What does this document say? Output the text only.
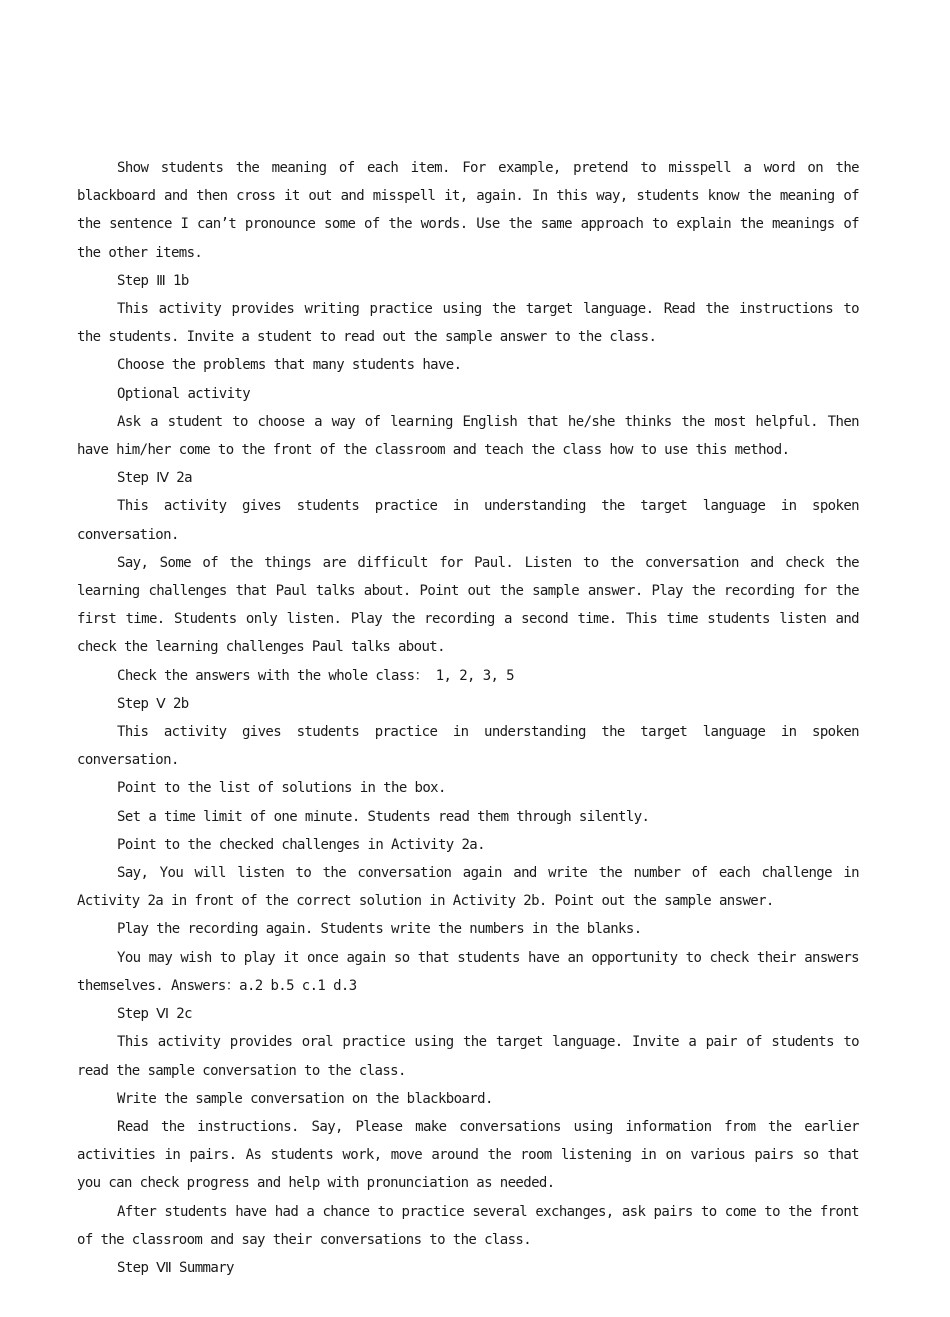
Show students the meaning of each item. For example, pretend to misspell a word on the blackboard and then cross it out and misspell it, again. In this way, students know the meaning of the sentence I can’t pronounce some of the words. Use the same approach to explain the meanings of the other items.

Step Ⅲ 1b

This activity provides writing practice using the target language. Read the instructions to the students. Invite a student to read out the sample answer to the class.

Choose the problems that many students have.

Optional activity

Ask a student to choose a way of learning English that he/she thinks the most helpful. Then have him/her come to the front of the classroom and teach the class how to use this method.

Step Ⅳ 2a

This activity gives students practice in understanding the target language in spoken conversation.

Say, Some of the things are difficult for Paul. Listen to the conversation and check the learning challenges that Paul talks about. Point out the sample answer. Play the recording for the first time. Students only listen. Play the recording a second time. This time students listen and check the learning challenges Paul talks about.

Check the answers with the whole class： 1, 2, 3, 5

Step Ⅴ 2b

This activity gives students practice in understanding the target language in spoken conversation.

Point to the list of solutions in the box.

Set a time limit of one minute. Students read them through silently.

Point to the checked challenges in Activity 2a.

Say, You will listen to the conversation again and write the number of each challenge in Activity 2a in front of the correct solution in Activity 2b. Point out the sample answer.

Play the recording again. Students write the numbers in the blanks.

You may wish to play it once again so that students have an opportunity to check their answers themselves. Answers：a.2 b.5 c.1 d.3

Step Ⅵ 2c

This activity provides oral practice using the target language. Invite a pair of students to read the sample conversation to the class.

Write the sample conversation on the blackboard.

Read the instructions. Say, Please make conversations using information from the earlier activities in pairs. As students work, move around the room listening in on various pairs so that you can check progress and help with pronunciation as needed.

After students have had a chance to practice several exchanges, ask pairs to come to the front of the classroom and say their conversations to the class.

Step Ⅶ Summary
